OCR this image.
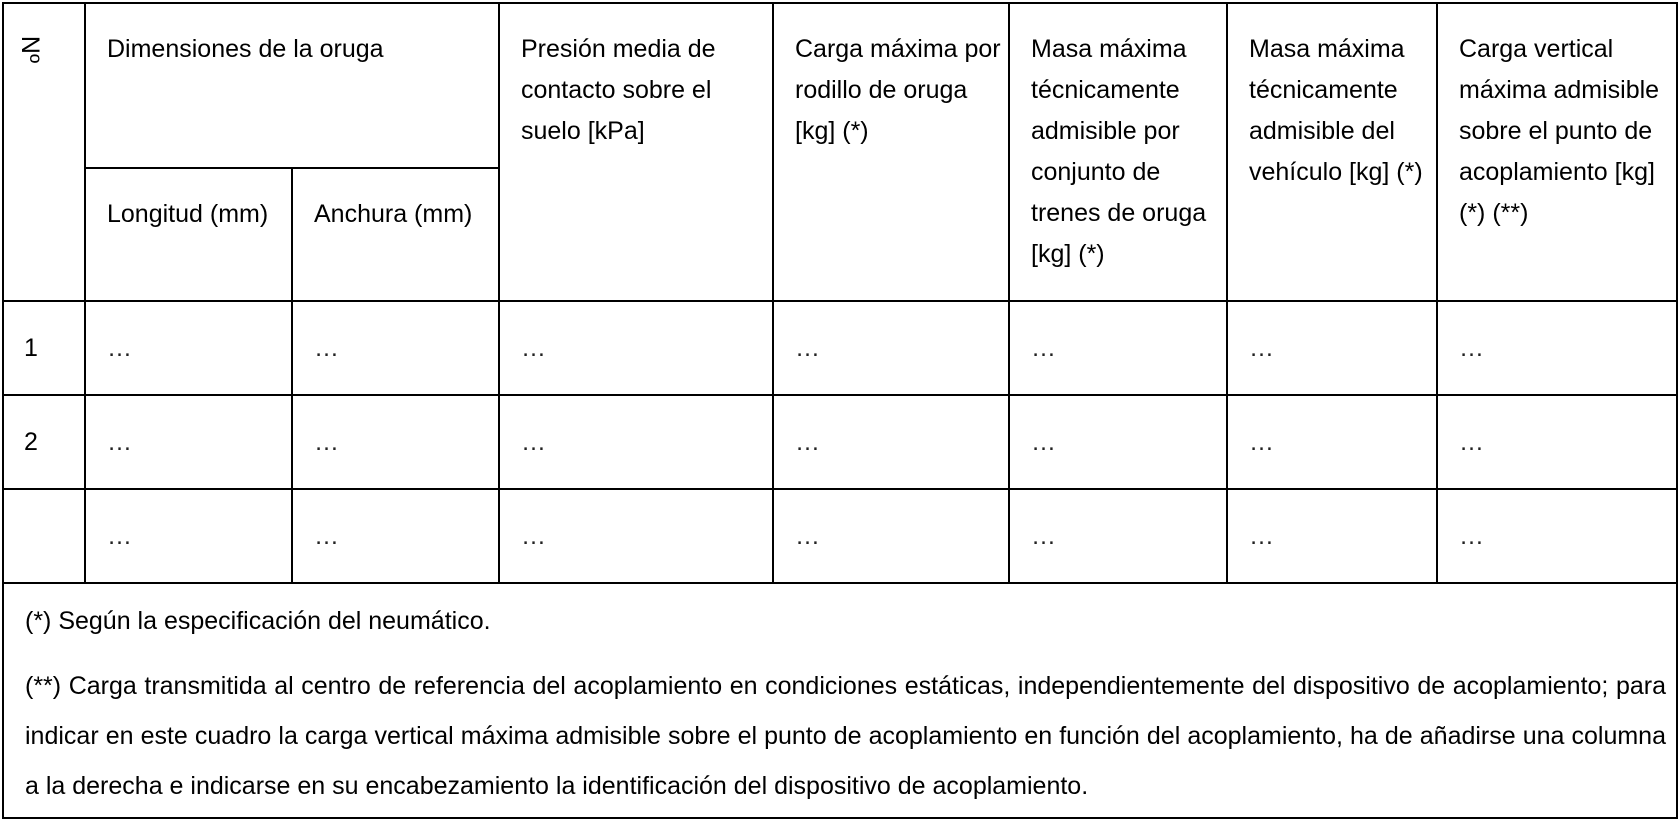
Nº	Dimensiones de la oruga		Presión media de contacto sobre el suelo [kPa]	Carga máxima por rodillo de oruga [kg] (*)	Masa máxima técnicamente admisible por conjunto de trenes de oruga [kg] (*)	Masa máxima técnicamente admisible del vehículo [kg] (*)	Carga vertical máxima admisible sobre el punto de acoplamiento [kg] (*) (**)
	Longitud (mm)	Anchura (mm)					
1	…	…	…	…	…	…	…
2	…	…	…	…	…	…	…
	…	…	…	…	…	…	…

(*) Según la especificación del neumático.

(**) Carga transmitida al centro de referencia del acoplamiento en condiciones estáticas, independientemente del dispositivo de acoplamiento; para indicar en este cuadro la carga vertical máxima admisible sobre el punto de acoplamiento en función del acoplamiento, ha de añadirse una columna a la derecha e indicarse en su encabezamiento la identificación del dispositivo de acoplamiento.							
